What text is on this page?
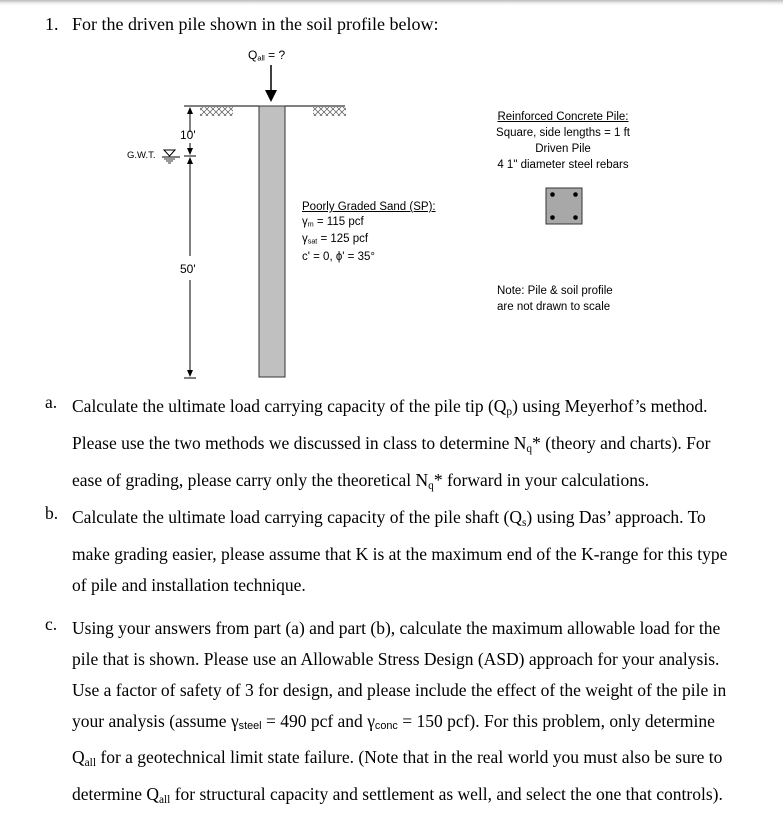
1. For the driven pile shown in the soil profile below:
$Q_{all}$ = ?
10'
G.W.T.
50'
Poorly Graded Sand (SP):
$\gamma_m = 115$ pcf
$\gamma_{sat} = 125$ pcf
c' = 0, ϕ' = 35°
Reinforced Concrete Pile:
Square, side lengths = 1 ft
Driven Pile
4 1" diameter steel rebars
Note: Pile & soil profile
are not drawn to scale
a. Calculate the ultimate load carrying capacity of the pile tip $(Q_p)$ using Meyerhof’s method.
Please use the two methods we discussed in class to determine $N_q*$ (theory and charts). For
ease of grading, please carry only the theoretical $N_q*$ forward in your calculations.
b. Calculate the ultimate load carrying capacity of the pile shaft $(Q_s)$ using Das’ approach. To
make grading easier, please assume that K is at the maximum end of the K-range for this type
of pile and installation technique.
c. Using your answers from part (a) and part (b), calculate the maximum allowable load for the
pile that is shown. Please use an Allowable Stress Design (ASD) approach for your analysis.
Use a factor of safety of 3 for design, and please include the effect of the weight of the pile in
your analysis (assume $\gamma_{steel} = 490$ pcf and $\gamma_{conc} = 150$ pcf). For this problem, only determine
$Q_{all}$ for a geotechnical limit state failure. (Note that in the real world you must also be sure to
determine $Q_{all}$ for structural capacity and settlement as well, and select the one that controls).
